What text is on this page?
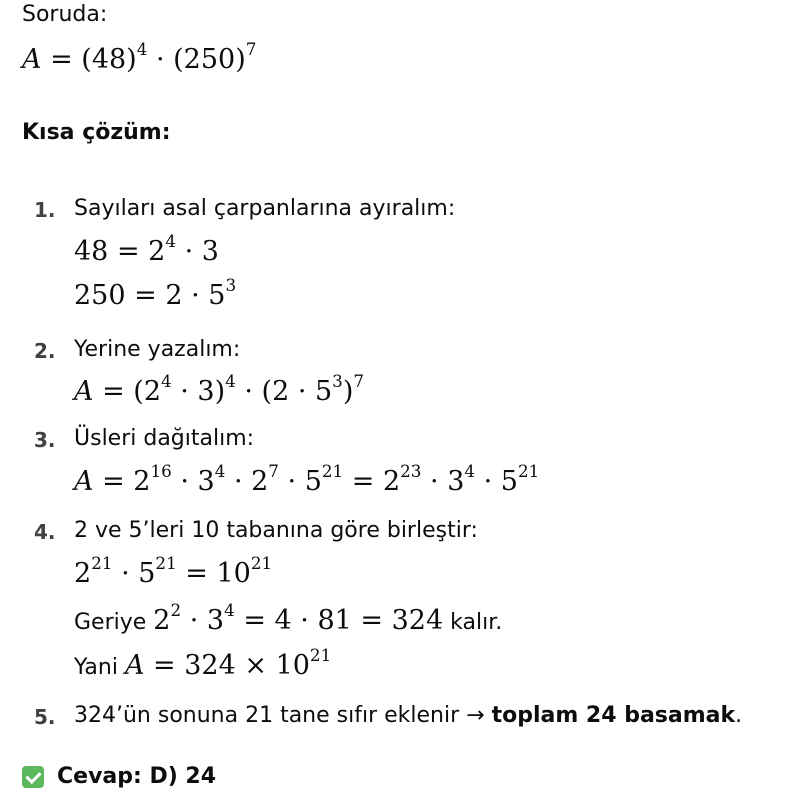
Soruda:
$A = (48)^4 \cdot (250)^7$
Kısa çözüm:
1. Sayıları asal çarpanlarına ayıralım:
$48 = 2^4 \cdot 3$
$250 = 2 \cdot 5^3$
2. Yerine yazalım:
$A = (2^4 \cdot 3)^4 \cdot (2 \cdot 5^3)^7$
3. Üsleri dağıtalım:
$A = 2^{16} \cdot 3^4 \cdot 2^7 \cdot 5^{21} = 2^{23} \cdot 3^4 \cdot 5^{21}$
4. 2 ve 5’leri 10 tabanına göre birleştir:
$2^{21} \cdot 5^{21} = 10^{21}$
Geriye $2^2 \cdot 3^4 = 4 \cdot 81 = 324$ kalır.
Yani $A = 324 \times 10^{21}$
5. 324’ün sonuna 21 tane sıfır eklenir → toplam 24 basamak.
Cevap: D) 24
